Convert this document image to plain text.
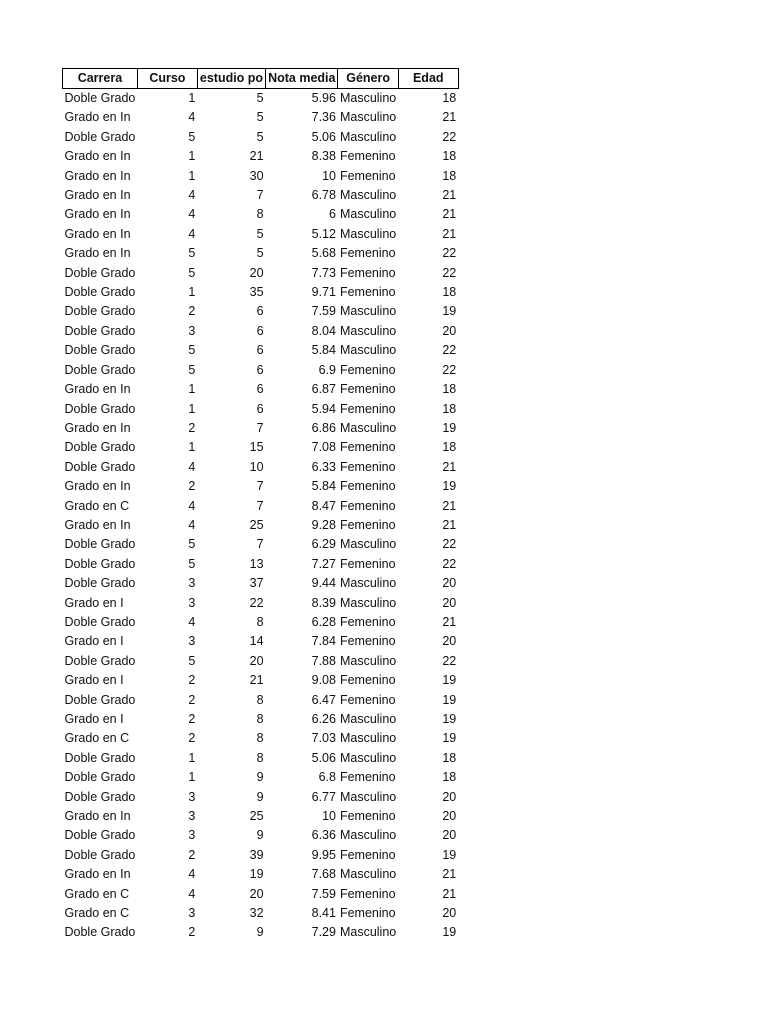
Carrera	Curso	estudio po	Nota media	Género	Edad
Doble Grado	1	5	5.96	Masculino	18
Grado en In	4	5	7.36	Masculino	21
Doble Grado	5	5	5.06	Masculino	22
Grado en In	1	21	8.38	Femenino	18
Grado en In	1	30	10	Femenino	18
Grado en In	4	7	6.78	Masculino	21
Grado en In	4	8	6	Masculino	21
Grado en In	4	5	5.12	Masculino	21
Grado en In	5	5	5.68	Femenino	22
Doble Grado	5	20	7.73	Femenino	22
Doble Grado	1	35	9.71	Femenino	18
Doble Grado	2	6	7.59	Masculino	19
Doble Grado	3	6	8.04	Masculino	20
Doble Grado	5	6	5.84	Masculino	22
Doble Grado	5	6	6.9	Femenino	22
Grado en In	1	6	6.87	Femenino	18
Doble Grado	1	6	5.94	Femenino	18
Grado en In	2	7	6.86	Masculino	19
Doble Grado	1	15	7.08	Femenino	18
Doble Grado	4	10	6.33	Femenino	21
Grado en In	2	7	5.84	Femenino	19
Grado en C	4	7	8.47	Femenino	21
Grado en In	4	25	9.28	Femenino	21
Doble Grado	5	7	6.29	Masculino	22
Doble Grado	5	13	7.27	Femenino	22
Doble Grado	3	37	9.44	Masculino	20
Grado en I	3	22	8.39	Masculino	20
Doble Grado	4	8	6.28	Femenino	21
Grado en I	3	14	7.84	Femenino	20
Doble Grado	5	20	7.88	Masculino	22
Grado en I	2	21	9.08	Femenino	19
Doble Grado	2	8	6.47	Femenino	19
Grado en I	2	8	6.26	Masculino	19
Grado en C	2	8	7.03	Masculino	19
Doble Grado	1	8	5.06	Masculino	18
Doble Grado	1	9	6.8	Femenino	18
Doble Grado	3	9	6.77	Masculino	20
Grado en In	3	25	10	Femenino	20
Doble Grado	3	9	6.36	Masculino	20
Doble Grado	2	39	9.95	Femenino	19
Grado en In	4	19	7.68	Masculino	21
Grado en C	4	20	7.59	Femenino	21
Grado en C	3	32	8.41	Femenino	20
Doble Grado	2	9	7.29	Masculino	19
